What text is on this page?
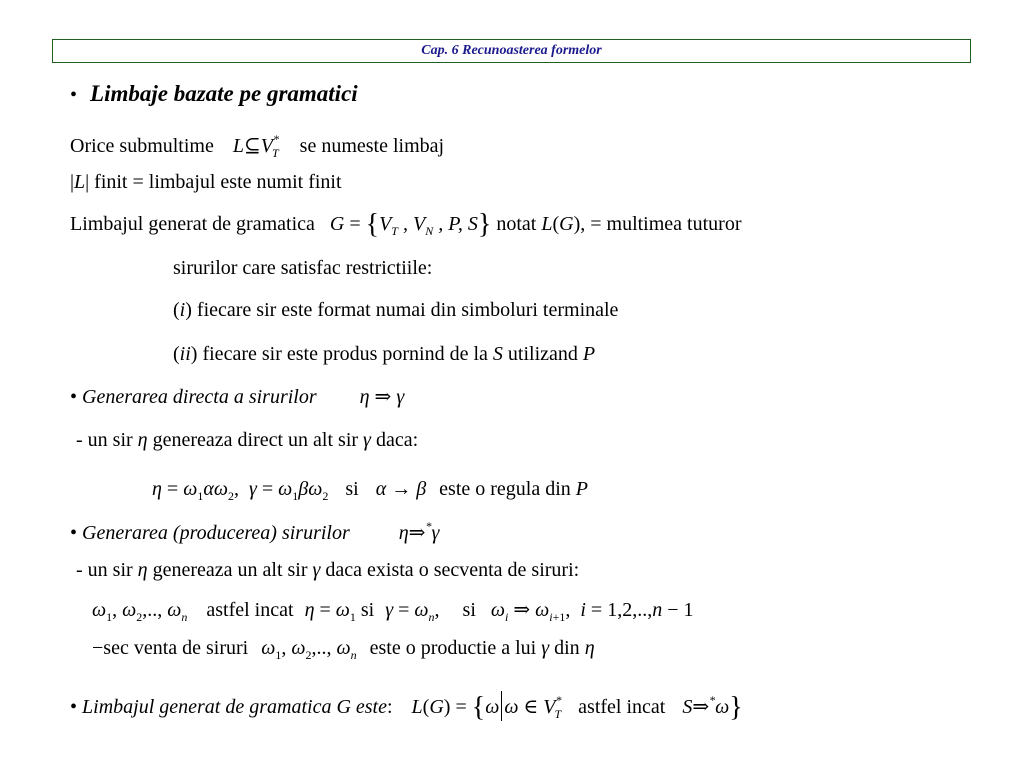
Cap. 6 Recunoasterea formelor
• Limbaje bazate pe gramatici
Orice submultime $L⊆V^*_T$ se numeste limbaj
|L| finit = limbajul este numit finit
Limbajul generat de gramatica $G = \{V_T$ , $V_N$ , P, S} notat L(G), = multimea tuturor
sirurilor care satisfac restrictiile:
(i) fiecare sir este format numai din simboluri terminale
(ii) fiecare sir este produs pornind de la S utilizand P
• Generarea directa a sirurilor η ⇒ γ
- un sir η genereaza direct un alt sir γ daca:
$\eta = \omega_1\alpha\omega_2$,  $\gamma = \omega_1\beta\omega_2$ si α → β este o regula din P
• Generarea (producerea) sirurilor η⇒*γ
- un sir η genereaza un alt sir γ daca exista o secventa de siruri:
$\omega_1$, $\omega_2$,.., $\omega_n$ astfel incat $\eta = \omega_1$ si $\gamma = \omega_n$, si $\omega_i$ ⇒ $\omega_{i+1}$,  i = 1,2,..,n − 1
−sec venta de siruri $\omega_1$, $\omega_2$,.., $\omega_n$ este o productie a lui γ din η
• Limbajul generat de gramatica G este: L(G) = {ω ω ∈ $V^*_T$ astfel incat S⇒*ω}
